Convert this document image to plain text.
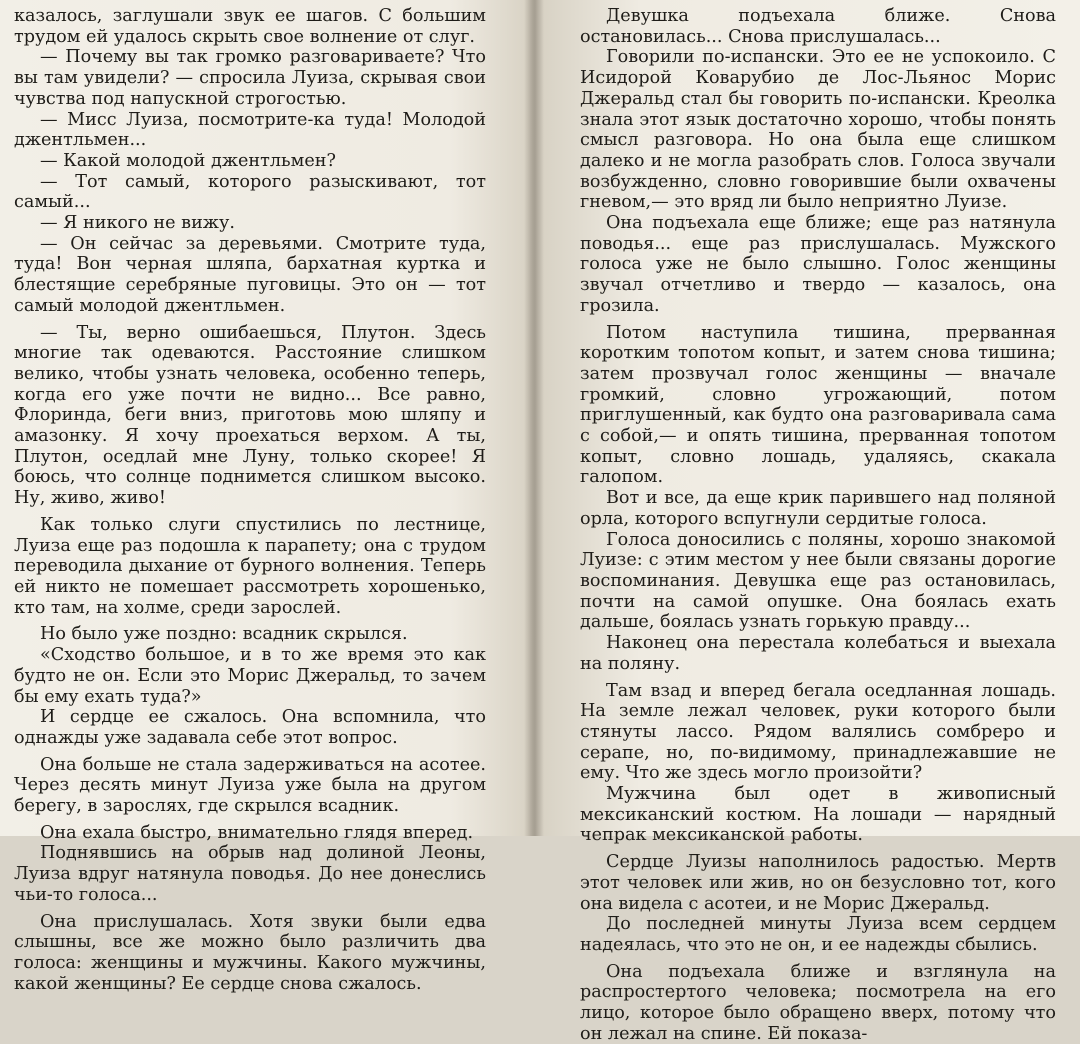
казалось, заглушали звук ее шагов. С большим трудом ей удалось скрыть свое волнение от слуг.

— Почему вы так громко разговариваете? Что вы там увидели? — спросила Луиза, скрывая свои чувства под напускной строгостью.

— Мисс Луиза, посмотрите-ка туда! Молодой джентльмен...

— Какой молодой джентльмен?

— Тот самый, которого разыскивают, тот самый...

— Я никого не вижу.

— Он сейчас за деревьями. Смотрите туда, туда! Вон черная шляпа, бархатная куртка и блестящие серебряные пуговицы. Это он — тот самый молодой джентльмен.

— Ты, верно ошибаешься, Плутон. Здесь многие так одеваются. Расстояние слишком велико, чтобы узнать человека, особенно теперь, когда его уже почти не видно... Все равно, Флоринда, беги вниз, приготовь мою шляпу и амазонку. Я хочу проехаться верхом. А ты, Плутон, оседлай мне Луну, только скорее! Я боюсь, что солнце поднимется слишком высоко. Ну, живо, живо!

Как только слуги спустились по лестнице, Луиза еще раз подошла к парапету; она с трудом переводила дыхание от бурного волнения. Теперь ей никто не помешает рассмотреть хорошенько, кто там, на холме, среди зарослей.

Но было уже поздно: всадник скрылся.

«Сходство большое, и в то же время это как будто не он. Если это Морис Джеральд, то зачем бы ему ехать туда?»

И сердце ее сжалось. Она вспомнила, что однажды уже задавала себе этот вопрос.

Она больше не стала задерживаться на асотее. Через десять минут Луиза уже была на другом берегу, в зарослях, где скрылся всадник.

Она ехала быстро, внимательно глядя вперед.

Поднявшись на обрыв над долиной Леоны, Луиза вдруг натянула поводья. До нее донеслись чьи-то голоса...

Она прислушалась. Хотя звуки были едва слышны, все же можно было различить два голоса: женщины и мужчины. Какого мужчины, какой женщины? Ее сердце снова сжалось.

Девушка подъехала ближе. Снова остановилась... Снова прислушалась...

Говорили по-испански. Это ее не успокоило. С Исидорой Коварубио де Лос-Льянос Морис Джеральд стал бы говорить по-испански. Креолка знала этот язык достаточно хорошо, чтобы понять смысл разговора. Но она была еще слишком далеко и не могла разобрать слов. Голоса звучали возбужденно, словно говорившие были охвачены гневом,— это вряд ли было неприятно Луизе.

Она подъехала еще ближе; еще раз натянула поводья... еще раз прислушалась. Мужского голоса уже не было слышно. Голос женщины звучал отчетливо и твердо — казалось, она грозила.

Потом наступила тишина, прерванная коротким топотом копыт, и затем снова тишина; затем прозвучал голос женщины — вначале громкий, словно угрожающий, потом приглушенный, как будто она разговаривала сама с собой,— и опять тишина, прерванная топотом копыт, словно лошадь, удаляясь, скакала галопом.

Вот и все, да еще крик парившего над поляной орла, которого вспугнули сердитые голоса.

Голоса доносились с поляны, хорошо знакомой Луизе: с этим местом у нее были связаны дорогие воспоминания. Девушка еще раз остановилась, почти на самой опушке. Она боялась ехать дальше, боялась узнать горькую правду...

Наконец она перестала колебаться и выехала на поляну.

Там взад и вперед бегала оседланная лошадь. На земле лежал человек, руки которого были стянуты лассо. Рядом валялись сомбреро и серапе, но, по-видимому, принадлежавшие не ему. Что же здесь могло произойти?

Мужчина был одет в живописный мексиканский костюм. На лошади — нарядный чепрак мексиканской работы.

Сердце Луизы наполнилось радостью. Мертв этот человек или жив, но он безусловно тот, кого она видела с асотеи, и не Морис Джеральд.

До последней минуты Луиза всем сердцем надеялась, что это не он, и ее надежды сбылись.

Она подъехала ближе и взглянула на распростертого человека; посмотрела на его лицо, которое было обращено вверх, потому что он лежал на спине. Ей показа-
